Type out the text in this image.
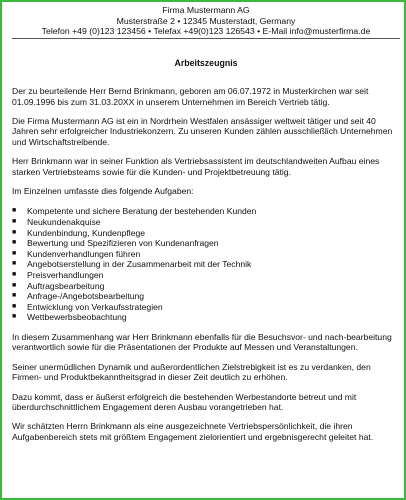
Firma Mustermann AG
Musterstraße 2 • 12345 Musterstadt, Germany
Telefon +49 (0)123 123456 • Telefax +49(0)123 126543 • E-Mail info@musterfirma.de
Arbeitszeugnis
Der zu beurteilende Herr Bernd Brinkmann, geboren am 06.07.1972 in Musterkirchen war seit 01.09.1996 bis zum 31.03.20XX in unserem Unternehmen im Bereich Vertrieb tätig.
Die Firma Mustermann AG ist ein in Nordrhein Westfalen ansässiger weltweit tätiger und seit 40 Jahren sehr erfolgreicher Industriekonzern. Zu unseren Kunden zählen ausschließlich Unternehmen und Wirtschaftstreibende.
Herr Brinkmann war in seiner Funktion als Vertriebsassistent im deutschlandweiten Aufbau eines starken Vertriebsteams sowie für die Kunden- und Projektbetreuung tätig.
Im Einzelnen umfasste dies folgende Aufgaben:
■ Kompetente und sichere Beratung der bestehenden Kunden
■ Neukundenakquise
■ Kundenbindung, Kundenpflege
■ Bewertung und Spezifizieren von Kundenanfragen
■ Kundenverhandlungen führen
■ Angebotserstellung in der Zusammenarbeit mit der Technik
■ Preisverhandlungen
■ Auftragsbearbeitung
■ Anfrage-/Angebotsbearbeitung
■ Entwicklung von Verkaufsstrategien
■ Wettbewerbsbeobachtung
In diesem Zusammenhang war Herr Brinkmann ebenfalls für die Besuchsvor- und nach-bearbeitung verantwortlich sowie für die Präsentationen der Produkte auf Messen und Veranstaltungen.
Seiner unermüdlichen Dynamik und außerordentlichen Zielstrebigkeit ist es zu verdanken, den Firmen- und Produktbekanntheitsgrad in dieser Zeit deutlich zu erhöhen.
Dazu kommt, dass er äußerst erfolgreich die bestehenden Werbestandorte betreut und mit überdurchschnittlichem Engagement deren Ausbau vorangetrieben hat.
Wir schätzten Herrn Brinkmann als eine ausgezeichnete Vertriebspersönlichkeit, die ihren Aufgabenbereich stets mit größtem Engagement zielorientiert und ergebnisgerecht geleitet hat.
